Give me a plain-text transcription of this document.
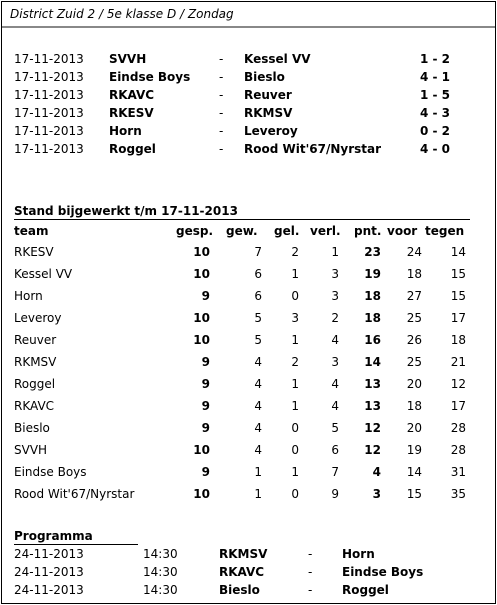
District Zuid 2 / 5e klasse D / Zondag
17-11-2013 SVVH	- Kessel VV	1 - 2
17-11-2013 Eindse Boys - Bieslo	4 - 1
17-11-2013 RKAVC	- Reuver	1 - 5
17-11-2013 RKESV	- RKMSV	4 - 3
17-11-2013 Horn	- Leveroy	0 - 2
17-11-2013 Roggel	- Rood Wit'67/Nyrstar	4 - 0
Stand bijgewerkt t/m 17-11-2013
team	gesp. gew.	gel. verl.	pnt. voor tegen
RKESV	10	7	2	1	23	24	14
Kessel VV	10	6	1	3	19	18	15
Horn	9	6	0	3	18	27	15
Leveroy	10	5	3	2	18	25	17
Reuver	10	5	1	4	16	26	18
RKMSV	9	4	2	3	14	25	21
Roggel	9	4	1	4	13	20	12
RKAVC	9	4	1	4	13	18	17
Bieslo	9	4	0	5	12	20	28
SVVH	10	4	0	6	12	19	28
Eindse Boys	9	1	1	7	4	14	31
Rood Wit'67/Nyrstar	10	1	0	9	3	15	35
Programma
24-11-2013	14:30	RKMSV	- Horn
24-11-2013	14:30	RKAVC	- Eindse Boys
24-11-2013	14:30	Bieslo	- Roggel
